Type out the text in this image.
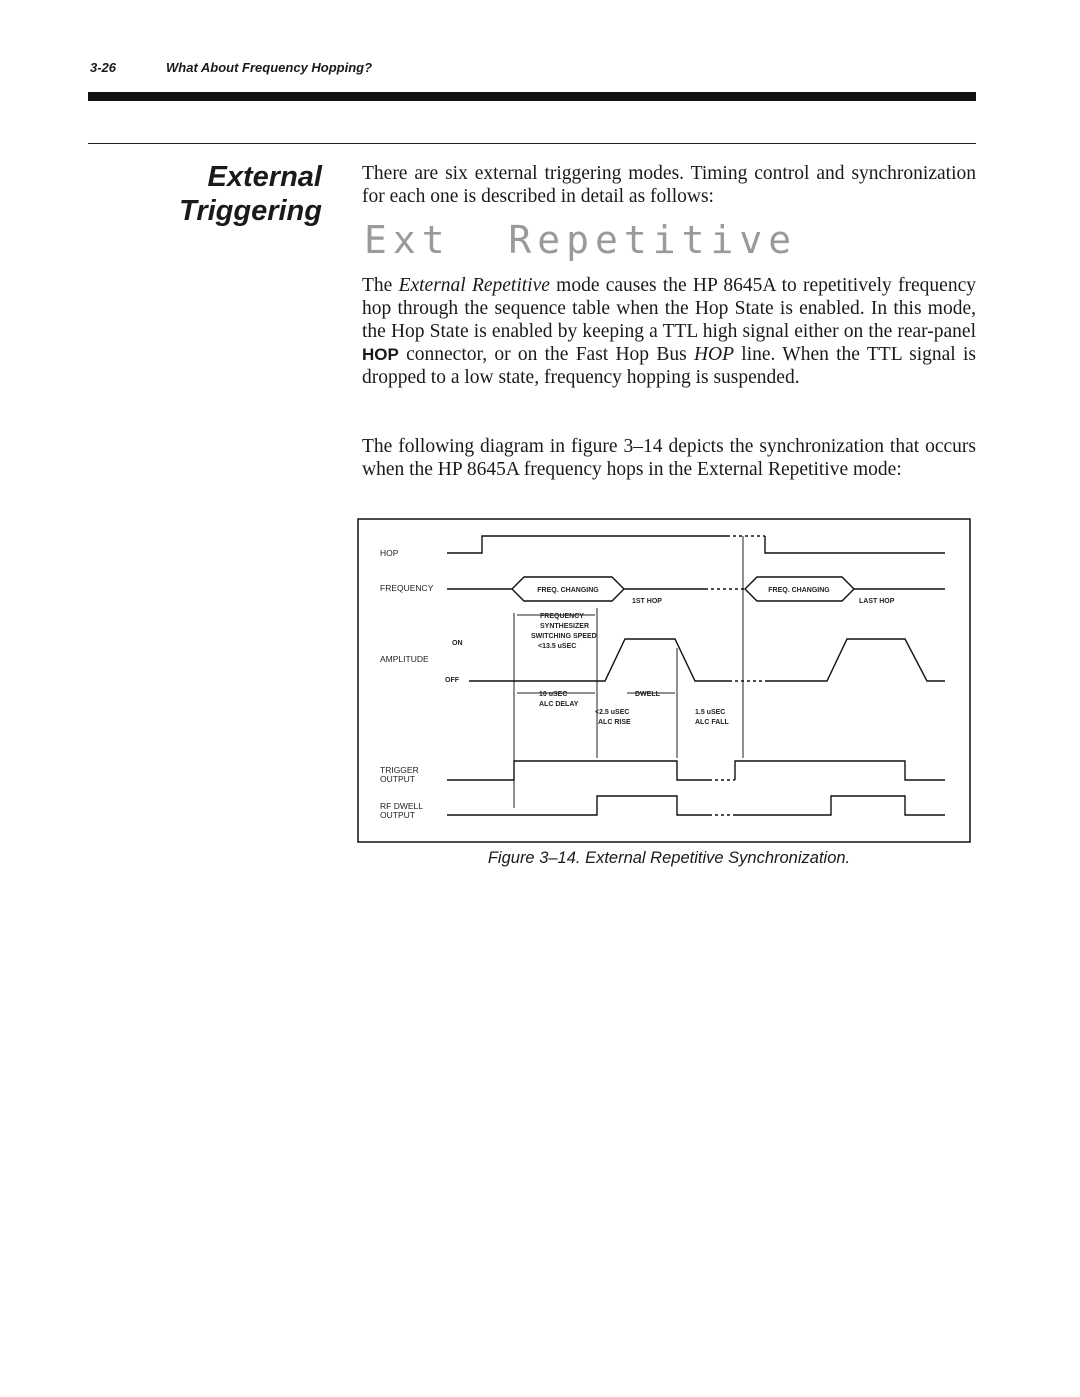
3-26	What About Frequency Hopping?
External
Triggering

There are six external triggering modes. Timing control and synchronization for each one is described in detail as follows:

Ext  Repetitive

The External Repetitive mode causes the HP 8645A to repetitively frequency hop through the sequence table when the Hop State is enabled. In this mode, the Hop State is enabled by keeping a TTL high signal either on the rear-panel HOP connector, or on the Fast Hop Bus HOP line. When the TTL signal is dropped to a low state, frequency hopping is suspended.

The following diagram in figure 3–14 depicts the synchronization that occurs when the HP 8645A frequency hops in the External Repetitive mode:

HOP
FREQUENCY	FREQ. CHANGING	FREQ. CHANGING
1ST HOP	LAST HOP
FREQUENCY
SYNTHESIZER
SWITCHING SPEED
<13.5 uSEC
ON
AMPLITUDE
OFF
10 uSEC
ALC DELAY
DWELL
<2.5 uSEC
ALC RISE
1.5 uSEC
ALC FALL
TRIGGER
OUTPUT
RF DWELL
OUTPUT
Figure 3–14. External Repetitive Synchronization.
